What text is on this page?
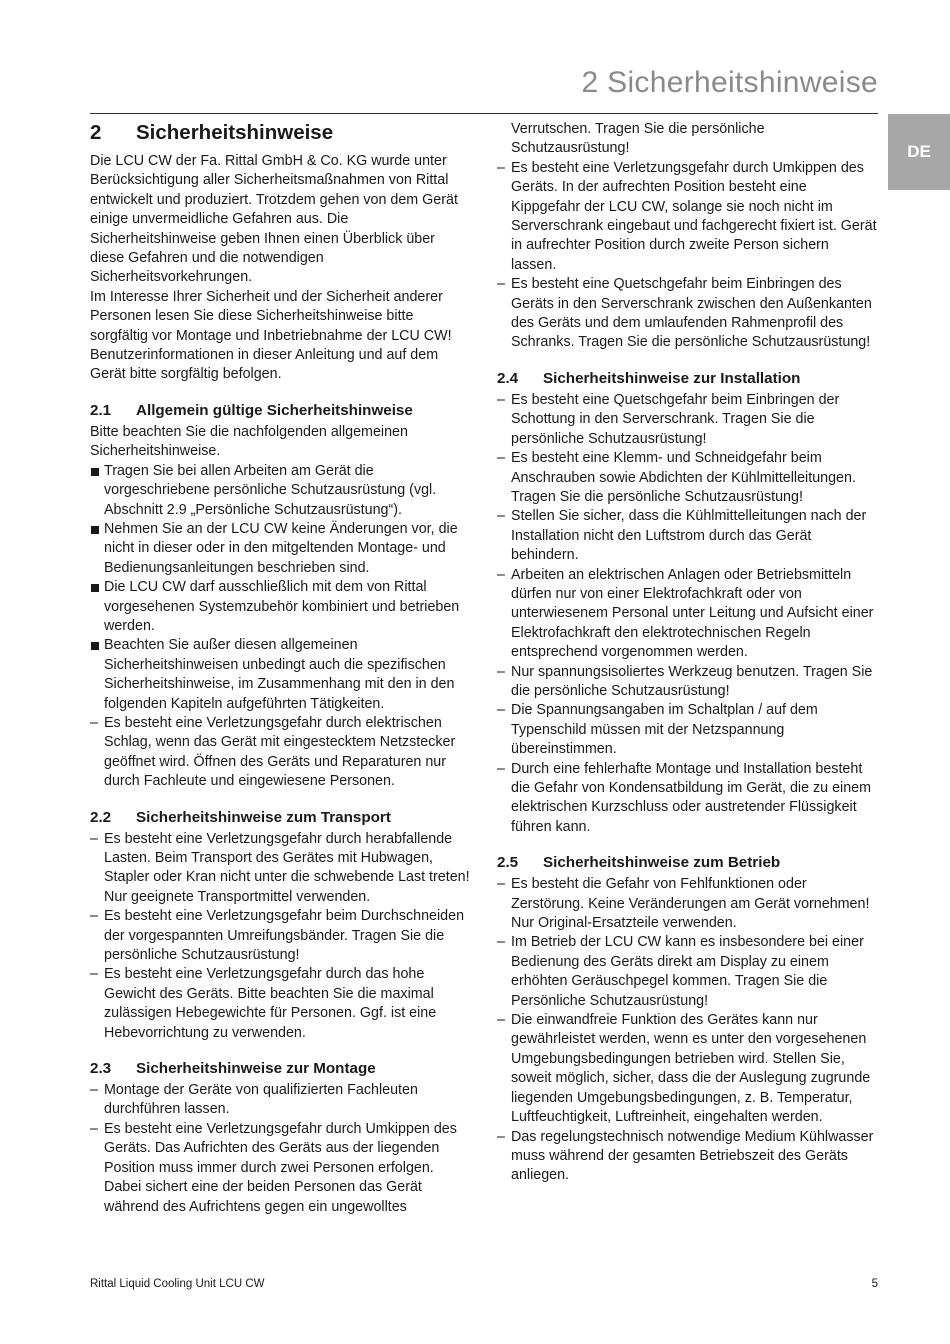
2 Sicherheitshinweise
DE
2	Sicherheitshinweise

Die LCU CW der Fa. Rittal GmbH & Co. KG wurde unter Berücksichtigung aller Sicherheitsmaßnahmen von Rittal entwickelt und produziert. Trotzdem gehen von dem Gerät einige unvermeidliche Gefahren aus. Die Sicherheitshinweise geben Ihnen einen Überblick über diese Gefahren und die notwendigen Sicherheitsvorkehrungen.

Im Interesse Ihrer Sicherheit und der Sicherheit anderer Personen lesen Sie diese Sicherheitshinweise bitte sorgfältig vor Montage und Inbetriebnahme der LCU CW!

Benutzerinformationen in dieser Anleitung und auf dem Gerät bitte sorgfältig befolgen.

2.1	Allgemein gültige Sicherheitshinweise

Bitte beachten Sie die nachfolgenden allgemeinen Sicherheitshinweise.

Tragen Sie bei allen Arbeiten am Gerät die vorgeschriebene persönliche Schutzausrüstung (vgl. Abschnitt 2.9 „Persönliche Schutzausrüstung“).
Nehmen Sie an der LCU CW keine Änderungen vor, die nicht in dieser oder in den mitgeltenden Montage- und Bedienungsanleitungen beschrieben sind.
Die LCU CW darf ausschließlich mit dem von Rittal vorgesehenen Systemzubehör kombiniert und betrieben werden.
Beachten Sie außer diesen allgemeinen Sicherheitshinweisen unbedingt auch die spezifischen Sicherheitshinweise, im Zusammenhang mit den in den folgenden Kapiteln aufgeführten Tätigkeiten.
– Es besteht eine Verletzungsgefahr durch elektrischen Schlag, wenn das Gerät mit eingestecktem Netzstecker geöffnet wird. Öffnen des Geräts und Reparaturen nur durch Fachleute und eingewiesene Personen.
2.2	Sicherheitshinweise zum Transport
– Es besteht eine Verletzungsgefahr durch herabfallende Lasten. Beim Transport des Gerätes mit Hubwagen, Stapler oder Kran nicht unter die schwebende Last treten! Nur geeignete Transportmittel verwenden.
– Es besteht eine Verletzungsgefahr beim Durchschneiden der vorgespannten Umreifungsbänder. Tragen Sie die persönliche Schutzausrüstung!
– Es besteht eine Verletzungsgefahr durch das hohe Gewicht des Geräts. Bitte beachten Sie die maximal zulässigen Hebegewichte für Personen. Ggf. ist eine Hebevorrichtung zu verwenden.
2.3	Sicherheitshinweise zur Montage
– Montage der Geräte von qualifizierten Fachleuten durchführen lassen.
– Es besteht eine Verletzungsgefahr durch Umkippen des Geräts. Das Aufrichten des Geräts aus der liegenden Position muss immer durch zwei Personen erfolgen. Dabei sichert eine der beiden Personen das Gerät während des Aufrichtens gegen ein ungewolltes

Verrutschen. Tragen Sie die persönliche Schutzausrüstung!

– Es besteht eine Verletzungsgefahr durch Umkippen des Geräts. In der aufrechten Position besteht eine Kippgefahr der LCU CW, solange sie noch nicht im Serverschrank eingebaut und fachgerecht fixiert ist. Gerät in aufrechter Position durch zweite Person sichern lassen.
– Es besteht eine Quetschgefahr beim Einbringen des Geräts in den Serverschrank zwischen den Außenkanten des Geräts und dem umlaufenden Rahmenprofil des Schranks. Tragen Sie die persönliche Schutzausrüstung!
2.4	Sicherheitshinweise zur Installation
– Es besteht eine Quetschgefahr beim Einbringen der Schottung in den Serverschrank. Tragen Sie die persönliche Schutzausrüstung!
– Es besteht eine Klemm- und Schneidgefahr beim Anschrauben sowie Abdichten der Kühlmittelleitungen. Tragen Sie die persönliche Schutzausrüstung!
– Stellen Sie sicher, dass die Kühlmittelleitungen nach der Installation nicht den Luftstrom durch das Gerät behindern.
– Arbeiten an elektrischen Anlagen oder Betriebsmitteln dürfen nur von einer Elektrofachkraft oder von unterwiesenem Personal unter Leitung und Aufsicht einer Elektrofachkraft den elektrotechnischen Regeln entsprechend vorgenommen werden.
– Nur spannungsisoliertes Werkzeug benutzen. Tragen Sie die persönliche Schutzausrüstung!
– Die Spannungsangaben im Schaltplan / auf dem Typenschild müssen mit der Netzspannung übereinstimmen.
– Durch eine fehlerhafte Montage und Installation besteht die Gefahr von Kondensatbildung im Gerät, die zu einem elektrischen Kurzschluss oder austretender Flüssigkeit führen kann.
2.5	Sicherheitshinweise zum Betrieb
– Es besteht die Gefahr von Fehlfunktionen oder Zerstörung. Keine Veränderungen am Gerät vornehmen! Nur Original-Ersatzteile verwenden.
– Im Betrieb der LCU CW kann es insbesondere bei einer Bedienung des Geräts direkt am Display zu einem erhöhten Geräuschpegel kommen. Tragen Sie die Persönliche Schutzausrüstung!
– Die einwandfreie Funktion des Gerätes kann nur gewährleistet werden, wenn es unter den vorgesehenen Umgebungsbedingungen betrieben wird. Stellen Sie, soweit möglich, sicher, dass die der Auslegung zugrunde liegenden Umgebungsbedingungen, z. B. Temperatur, Luftfeuchtigkeit, Luftreinheit, eingehalten werden.
– Das regelungstechnisch notwendige Medium Kühlwasser muss während der gesamten Betriebszeit des Geräts anliegen.
Rittal Liquid Cooling Unit LCU CW	5
